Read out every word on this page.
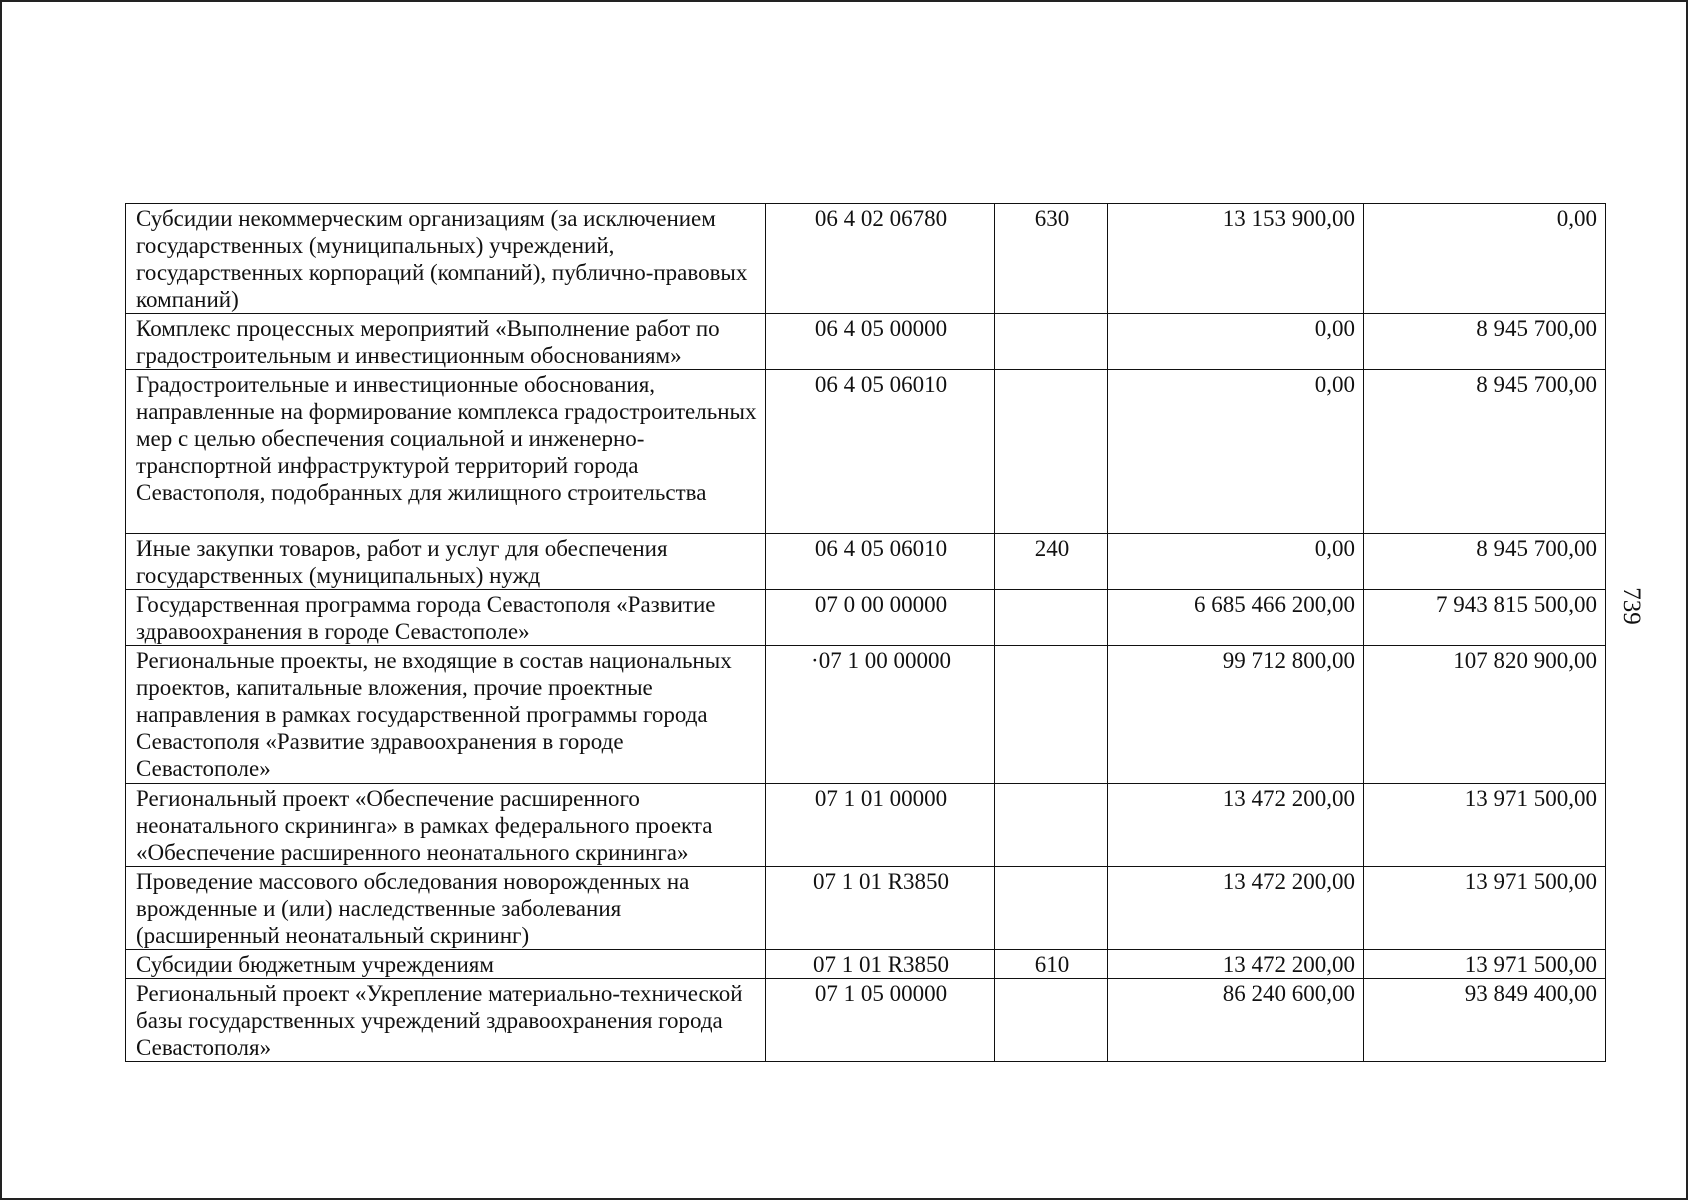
Субсидии некоммерческим организациям (за исключением государственных (муниципальных) учреждений, государственных корпораций (компаний), публично-правовых компаний)	06 4 02 06780	630	13 153 900,00	0,00
Комплекс процессных мероприятий «Выполнение работ по градостроительным и инвестиционным обоснованиям»	06 4 05 00000		0,00	8 945 700,00
Градостроительные и инвестиционные обоснования, направленные на формирование комплекса градостроительных мер с целью обеспечения социальной и инженерно-транспортной инфраструктурой территорий города Севастополя, подобранных для жилищного строительства	06 4 05 06010		0,00	8 945 700,00
Иные закупки товаров, работ и услуг для обеспечения государственных (муниципальных) нужд	06 4 05 06010	240	0,00	8 945 700,00
Государственная программа города Севастополя «Развитие здравоохранения в городе Севастополе»	07 0 00 00000		6 685 466 200,00	7 943 815 500,00
Региональные проекты, не входящие в состав национальных проектов, капитальные вложения, прочие проектные направления в рамках государственной программы города Севастополя «Развитие здравоохранения в городе Севастополе»	·07 1 00 00000		99 712 800,00	107 820 900,00
Региональный проект «Обеспечение расширенного неонатального скрининга» в рамках федерального проекта «Обеспечение расширенного неонатального скрининга»	07 1 01 00000		13 472 200,00	13 971 500,00
Проведение массового обследования новорожденных на врожденные и (или) наследственные заболевания (расширенный неонатальный скрининг)	07 1 01 R3850		13 472 200,00	13 971 500,00
Субсидии бюджетным учреждениям	07 1 01 R3850	610	13 472 200,00	13 971 500,00
Региональный проект «Укрепление материально-технической базы государственных учреждений здравоохранения города Севастополя»	07 1 05 00000		86 240 600,00	93 849 400,00
739
